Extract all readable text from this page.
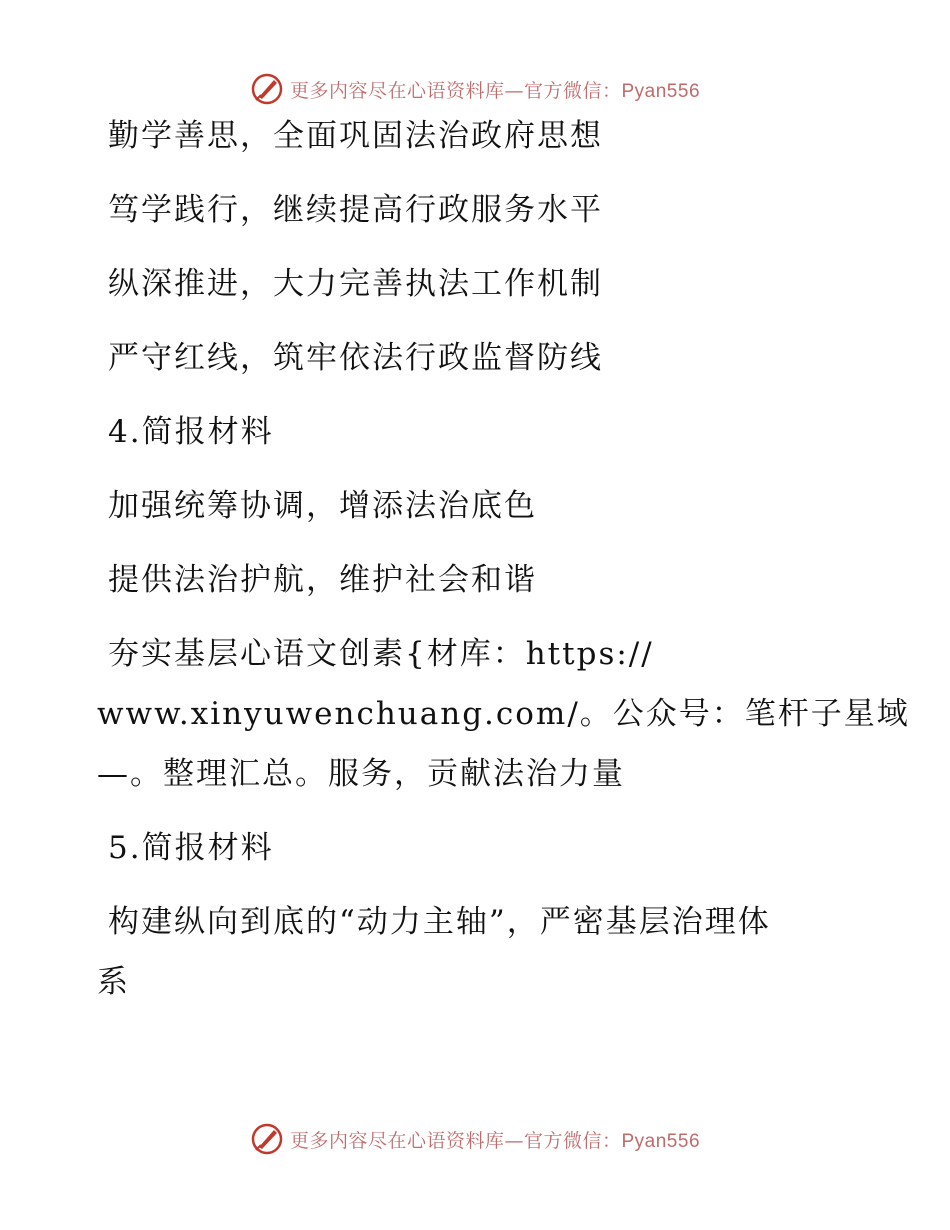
更多内容尽在心语资料库—官方微信：Pyan556
勤学善思，全面巩固法治政府思想
笃学践行，继续提高行政服务水平
纵深推进，大力完善执法工作机制
严守红线，筑牢依法行政监督防线
4.简报材料
加强统筹协调，增添法治底色
提供法治护航，维护社会和谐
夯实基层心语文创素{材库：https://
www.xinyuwenchuang.com/。公众号：笔杆子星域
—。整理汇总。服务，贡献法治力量
5.简报材料
构建纵向到底的“动力主轴”，严密基层治理体
系
更多内容尽在心语资料库—官方微信：Pyan556
